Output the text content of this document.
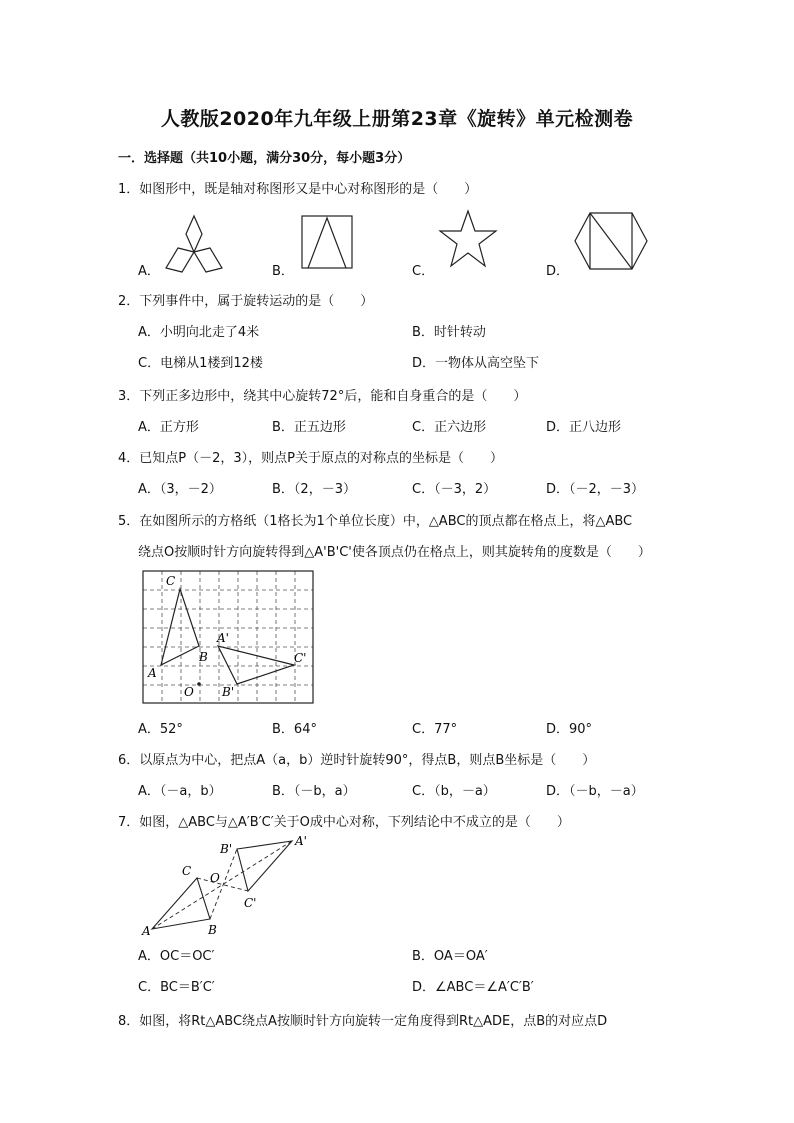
人教版2020年九年级上册第23章《旋转》单元检测卷
一．选择题（共10小题，满分30分，每小题3分）
1．如图形中，既是轴对称图形又是中心对称图形的是（　　）
A．	B．	C．	D．
2．下列事件中，属于旋转运动的是（　　）
A．小明向北走了4米	B．时针转动
C．电梯从1楼到12楼	D．一物体从高空坠下
3．下列正多边形中，绕其中心旋转72°后，能和自身重合的是（　　）
A．正方形	B．正五边形	C．正六边形	D．正八边形
4．已知点P（－2，3），则点P关于原点的对称点的坐标是（　　）
A．（3，－2）	B．（2，－3）	C．（－3，2）	D．（－2，－3）
5．在如图所示的方格纸（1格长为1个单位长度）中，△ABC的顶点都在格点上，将△ABC
绕点O按顺时针方向旋转得到△A'B'C'使各顶点仍在格点上，则其旋转角的度数是（　　）
C
A'
B	C'
A
O B'
A．52°	B．64°	C．77°	D．90°
6．以原点为中心，把点A（a，b）逆时针旋转90°，得点B，则点B坐标是（　　）
A．（－a，b）	B．（－b，a）	C．（b，－a）	D．（－b，－a）
7．如图，△ABC与△A′B′C′关于O成中心对称，下列结论中不成立的是（　　）
B'
A'
C O
C'
A	B
A．OC＝OC′	B．OA＝OA′
C．BC＝B′C′	D．∠ABC＝∠A′C′B′
8．如图，将Rt△ABC绕点A按顺时针方向旋转一定角度得到Rt△ADE，点B的对应点D
